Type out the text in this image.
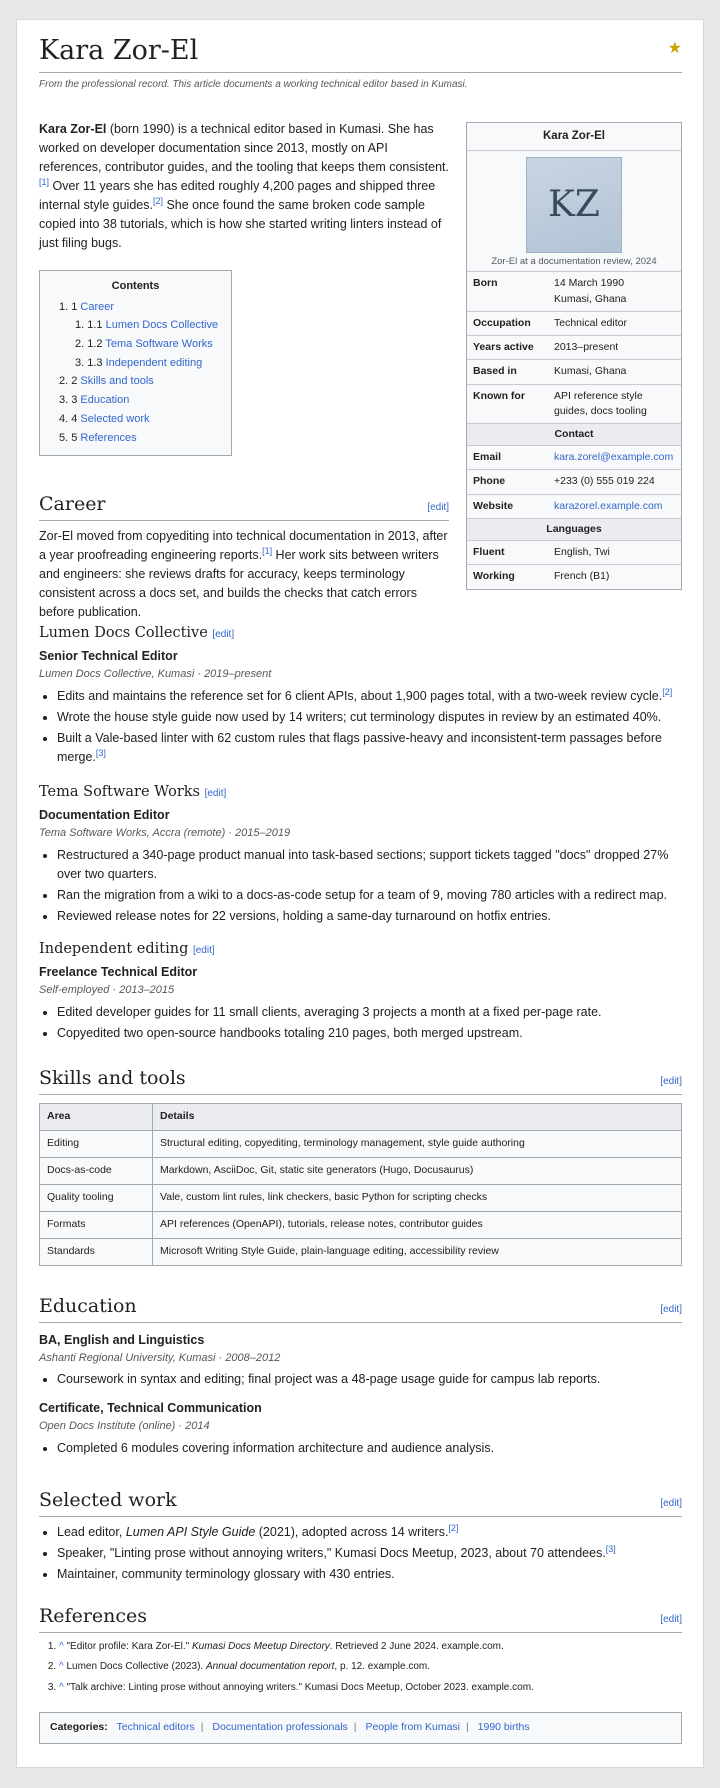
Kara Zor-El	★
From the professional record. This article documents a working technical editor based in Kumasi.

Kara Zor-El (born 1990) is a technical editor based in Kumasi. She has worked on developer documentation since 2013, mostly on API references, contributor guides, and the tooling that keeps them consistent.[1] Over 11 years she has edited roughly 4,200 pages and shipped three internal style guides.[2] She once found the same broken code sample copied into 38 tutorials, which is how she started writing linters instead of just filing bugs.

Kara Zor-El
KZ
Zor-El at a documentation review, 2024
Born	14 March 1990
Kumasi, Ghana
Occupation	Technical editor
Years active	2013–present
Based in	Kumasi, Ghana
Known for	API reference style guides, docs tooling
Contact
Email	kara.zorel@example.com
Phone	+233 (0) 555 019 224
Website	karazorel.example.com
Languages
Fluent	English, Twi
Working	French (B1)
Contents
1. 1 Career
1. 1.1 Lumen Docs Collective
2. 1.2 Tema Software Works
3. 1.3 Independent editing
2. 2 Skills and tools
3. 3 Education
4. 4 Selected work
5. 5 References
Career	[edit]

Zor-El moved from copyediting into technical documentation in 2013, after a year proofreading engineering reports.[1] Her work sits between writers and engineers: she reviews drafts for accuracy, keeps terminology consistent across a docs set, and builds the checks that catch errors before publication.

Lumen Docs Collective [edit]
Senior Technical Editor
Lumen Docs Collective, Kumasi · 2019–present
• Edits and maintains the reference set for 6 client APIs, about 1,900 pages total, with a two-week review cycle.[2]
• Wrote the house style guide now used by 14 writers; cut terminology disputes in review by an estimated 40%.
• Built a Vale-based linter with 62 custom rules that flags passive-heavy and inconsistent-term passages before merge.[3]
Tema Software Works [edit]
Documentation Editor
Tema Software Works, Accra (remote) · 2015–2019
• Restructured a 340-page product manual into task-based sections; support tickets tagged "docs" dropped 27% over two quarters.
• Ran the migration from a wiki to a docs-as-code setup for a team of 9, moving 780 articles with a redirect map.
• Reviewed release notes for 22 versions, holding a same-day turnaround on hotfix entries.
Independent editing [edit]
Freelance Technical Editor
Self-employed · 2013–2015
• Edited developer guides for 11 small clients, averaging 3 projects a month at a fixed per-page rate.
• Copyedited two open-source handbooks totaling 210 pages, both merged upstream.
Skills and tools	[edit]
Area	Details
Editing	Structural editing, copyediting, terminology management, style guide authoring
Docs-as-code	Markdown, AsciiDoc, Git, static site generators (Hugo, Docusaurus)
Quality tooling	Vale, custom lint rules, link checkers, basic Python for scripting checks
Formats	API references (OpenAPI), tutorials, release notes, contributor guides
Standards	Microsoft Writing Style Guide, plain-language editing, accessibility review
Education	[edit]
BA, English and Linguistics
Ashanti Regional University, Kumasi · 2008–2012
• Coursework in syntax and editing; final project was a 48-page usage guide for campus lab reports.
Certificate, Technical Communication
Open Docs Institute (online) · 2014
• Completed 6 modules covering information architecture and audience analysis.
Selected work	[edit]
• Lead editor, Lumen API Style Guide (2021), adopted across 14 writers.[2]
• Speaker, "Linting prose without annoying writers," Kumasi Docs Meetup, 2023, about 70 attendees.[3]
• Maintainer, community terminology glossary with 430 entries.
References	[edit]
1. ^ "Editor profile: Kara Zor-El." Kumasi Docs Meetup Directory. Retrieved 2 June 2024. example.com.
2. ^ Lumen Docs Collective (2023). Annual documentation report, p. 12. example.com.
3. ^ "Talk archive: Linting prose without annoying writers." Kumasi Docs Meetup, October 2023. example.com.
Categories: Technical editors | Documentation professionals | People from Kumasi | 1990 births
